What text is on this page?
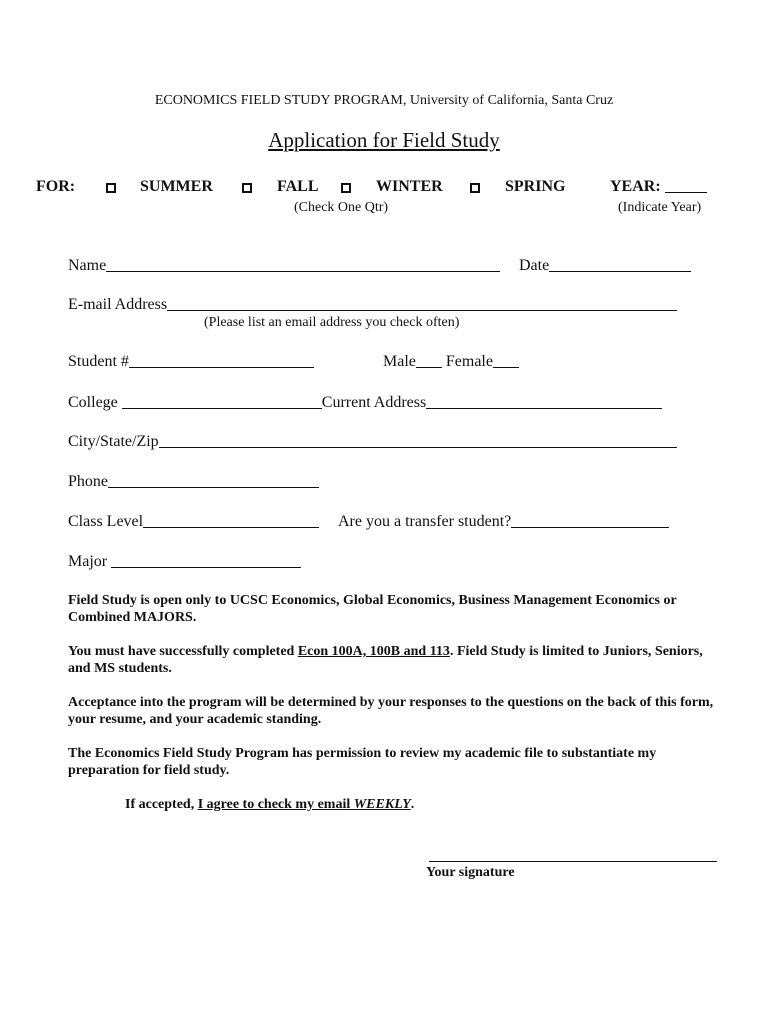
ECONOMICS FIELD STUDY PROGRAM, University of California, Santa Cruz
Application for Field Study
FOR:	SUMMER	FALL	WINTER	SPRING	YEAR:
(Check One Qtr)	(Indicate Year)
Name	Date
E-mail Address
(Please list an email address you check often)
Student #	Male Female
College	Current Address
City/State/Zip
Phone
Class Level	Are you a transfer student?
Major
Field Study is open only to UCSC Economics, Global Economics, Business Management Economics or Combined MAJORS.
You must have successfully completed Econ 100A, 100B and 113. Field Study is limited to Juniors, Seniors, and MS students.
Acceptance into the program will be determined by your responses to the questions on the back of this form, your resume, and your academic standing.
The Economics Field Study Program has permission to review my academic file to substantiate my preparation for field study.
If accepted, I agree to check my email WEEKLY.
Your signature
